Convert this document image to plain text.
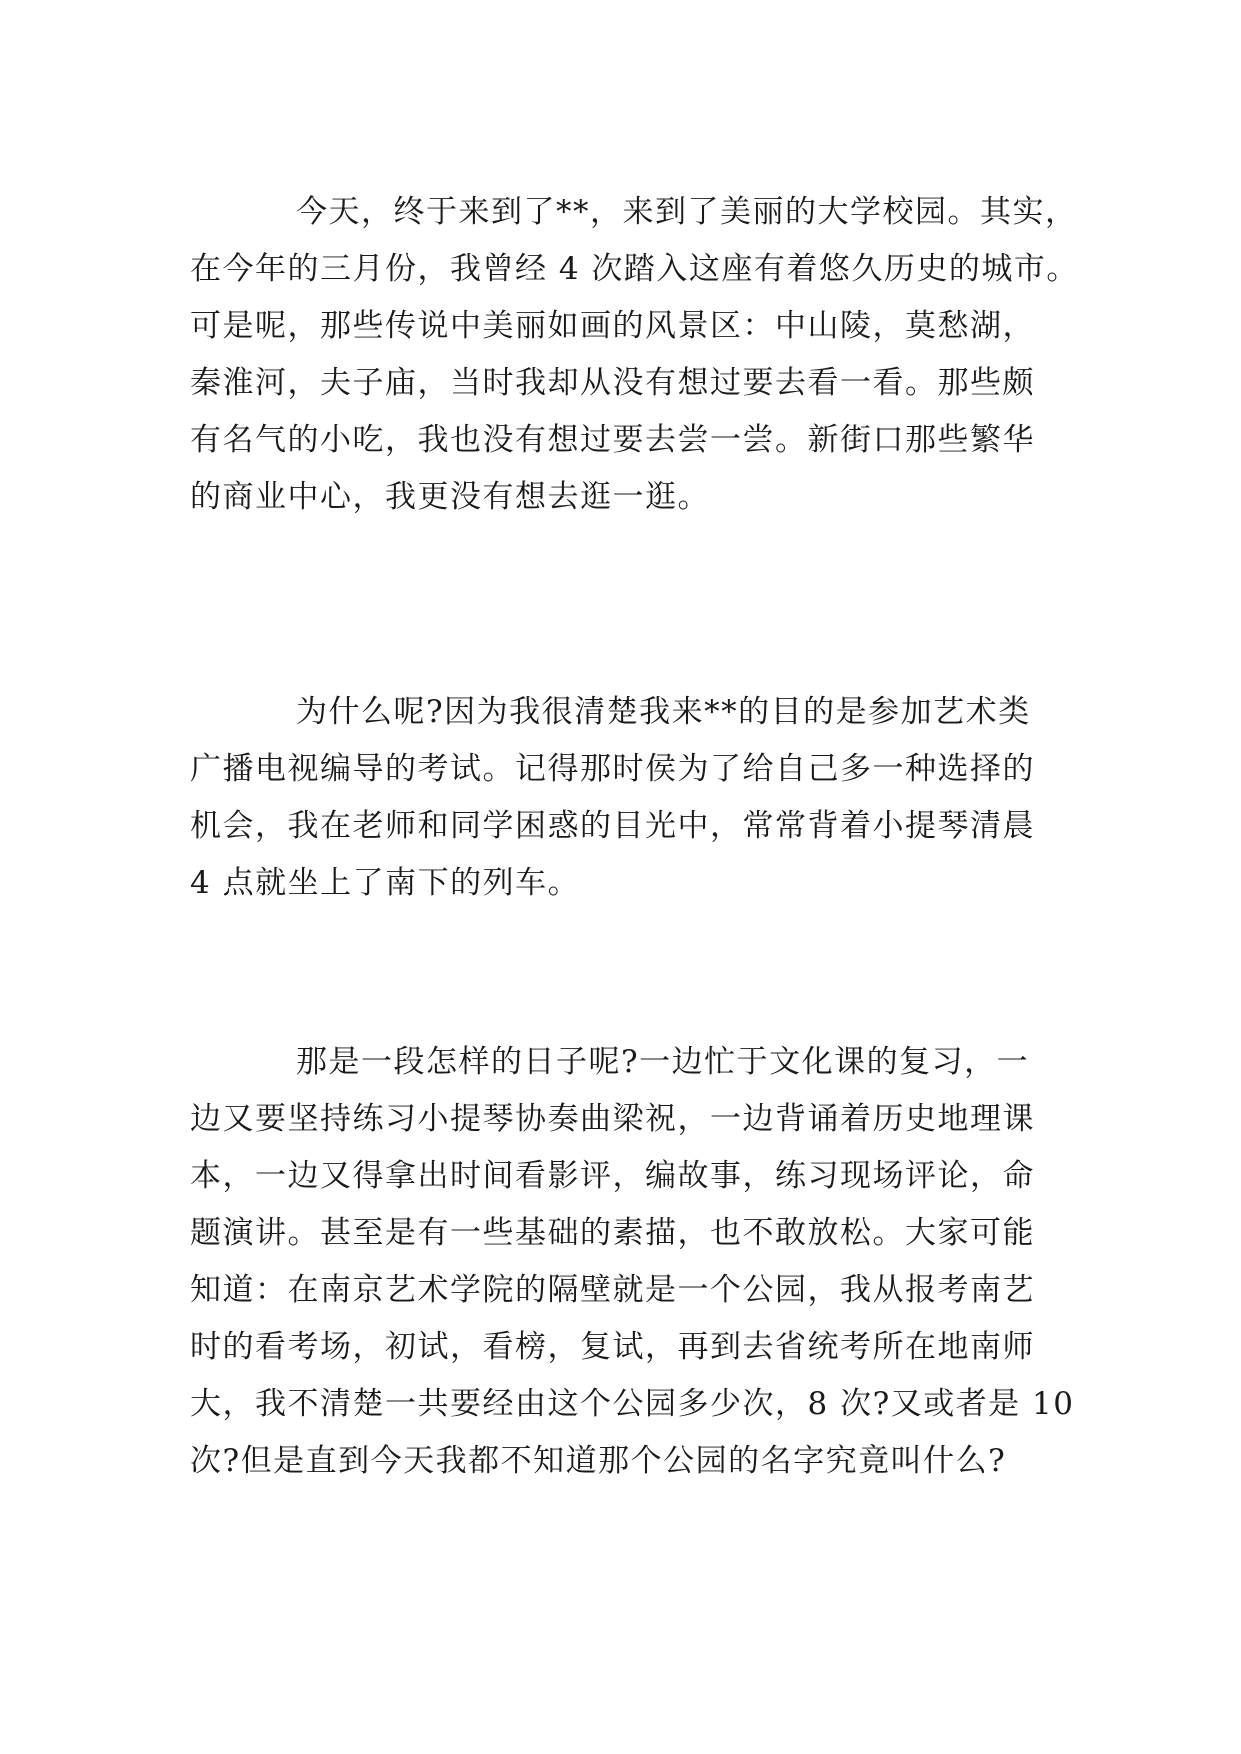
今天，终于来到了**，来到了美丽的大学校园。其实，
在今年的三月份，我曾经 4 次踏入这座有着悠久历史的城市。
可是呢，那些传说中美丽如画的风景区：中山陵，莫愁湖，
秦淮河，夫子庙，当时我却从没有想过要去看一看。那些颇
有名气的小吃，我也没有想过要去尝一尝。新街口那些繁华
的商业中心，我更没有想去逛一逛。
为什么呢?因为我很清楚我来**的目的是参加艺术类
广播电视编导的考试。记得那时侯为了给自己多一种选择的
机会，我在老师和同学困惑的目光中，常常背着小提琴清晨
4 点就坐上了南下的列车。
那是一段怎样的日子呢?一边忙于文化课的复习，一
边又要坚持练习小提琴协奏曲梁祝，一边背诵着历史地理课
本，一边又得拿出时间看影评，编故事，练习现场评论，命
题演讲。甚至是有一些基础的素描，也不敢放松。大家可能
知道：在南京艺术学院的隔壁就是一个公园，我从报考南艺
时的看考场，初试，看榜，复试，再到去省统考所在地南师
大，我不清楚一共要经由这个公园多少次，8 次?又或者是 10
次?但是直到今天我都不知道那个公园的名字究竟叫什么?
